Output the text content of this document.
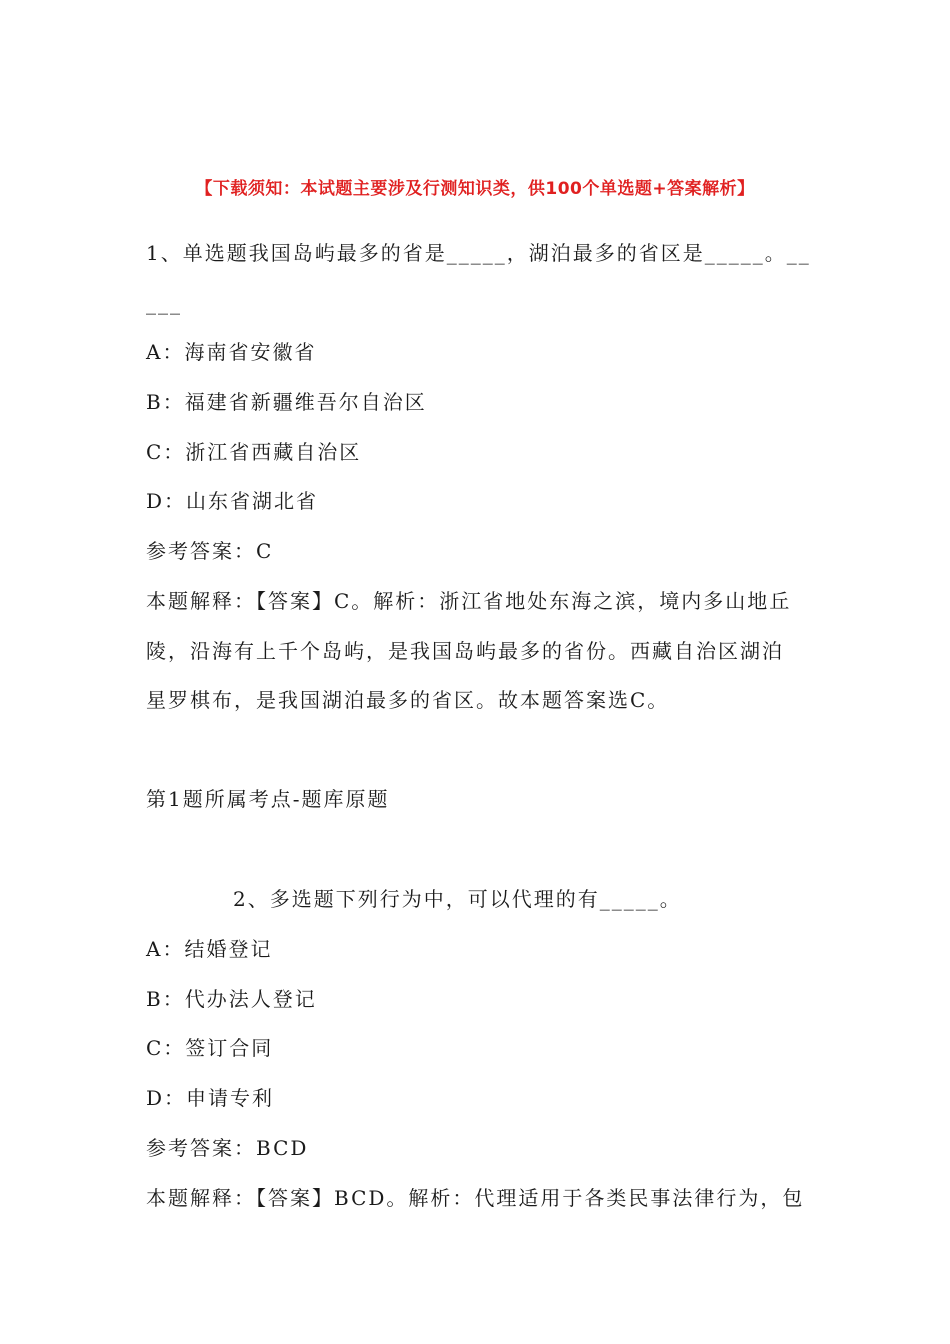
【下载须知：本试题主要涉及行测知识类，供100个单选题+答案解析】
1、单选题我国岛屿最多的省是_____，湖泊最多的省区是_____。__
___
A：海南省安徽省
B：福建省新疆维吾尔自治区
C：浙江省西藏自治区
D：山东省湖北省
参考答案：C
本题解释：【答案】C。解析：浙江省地处东海之滨，境内多山地丘
陵，沿海有上千个岛屿，是我国岛屿最多的省份。西藏自治区湖泊
星罗棋布，是我国湖泊最多的省区。故本题答案选C。
第1题所属考点-题库原题
2、多选题下列行为中，可以代理的有_____。
A：结婚登记
B：代办法人登记
C：签订合同
D：申请专利
参考答案：BCD
本题解释：【答案】BCD。解析：代理适用于各类民事法律行为，包
